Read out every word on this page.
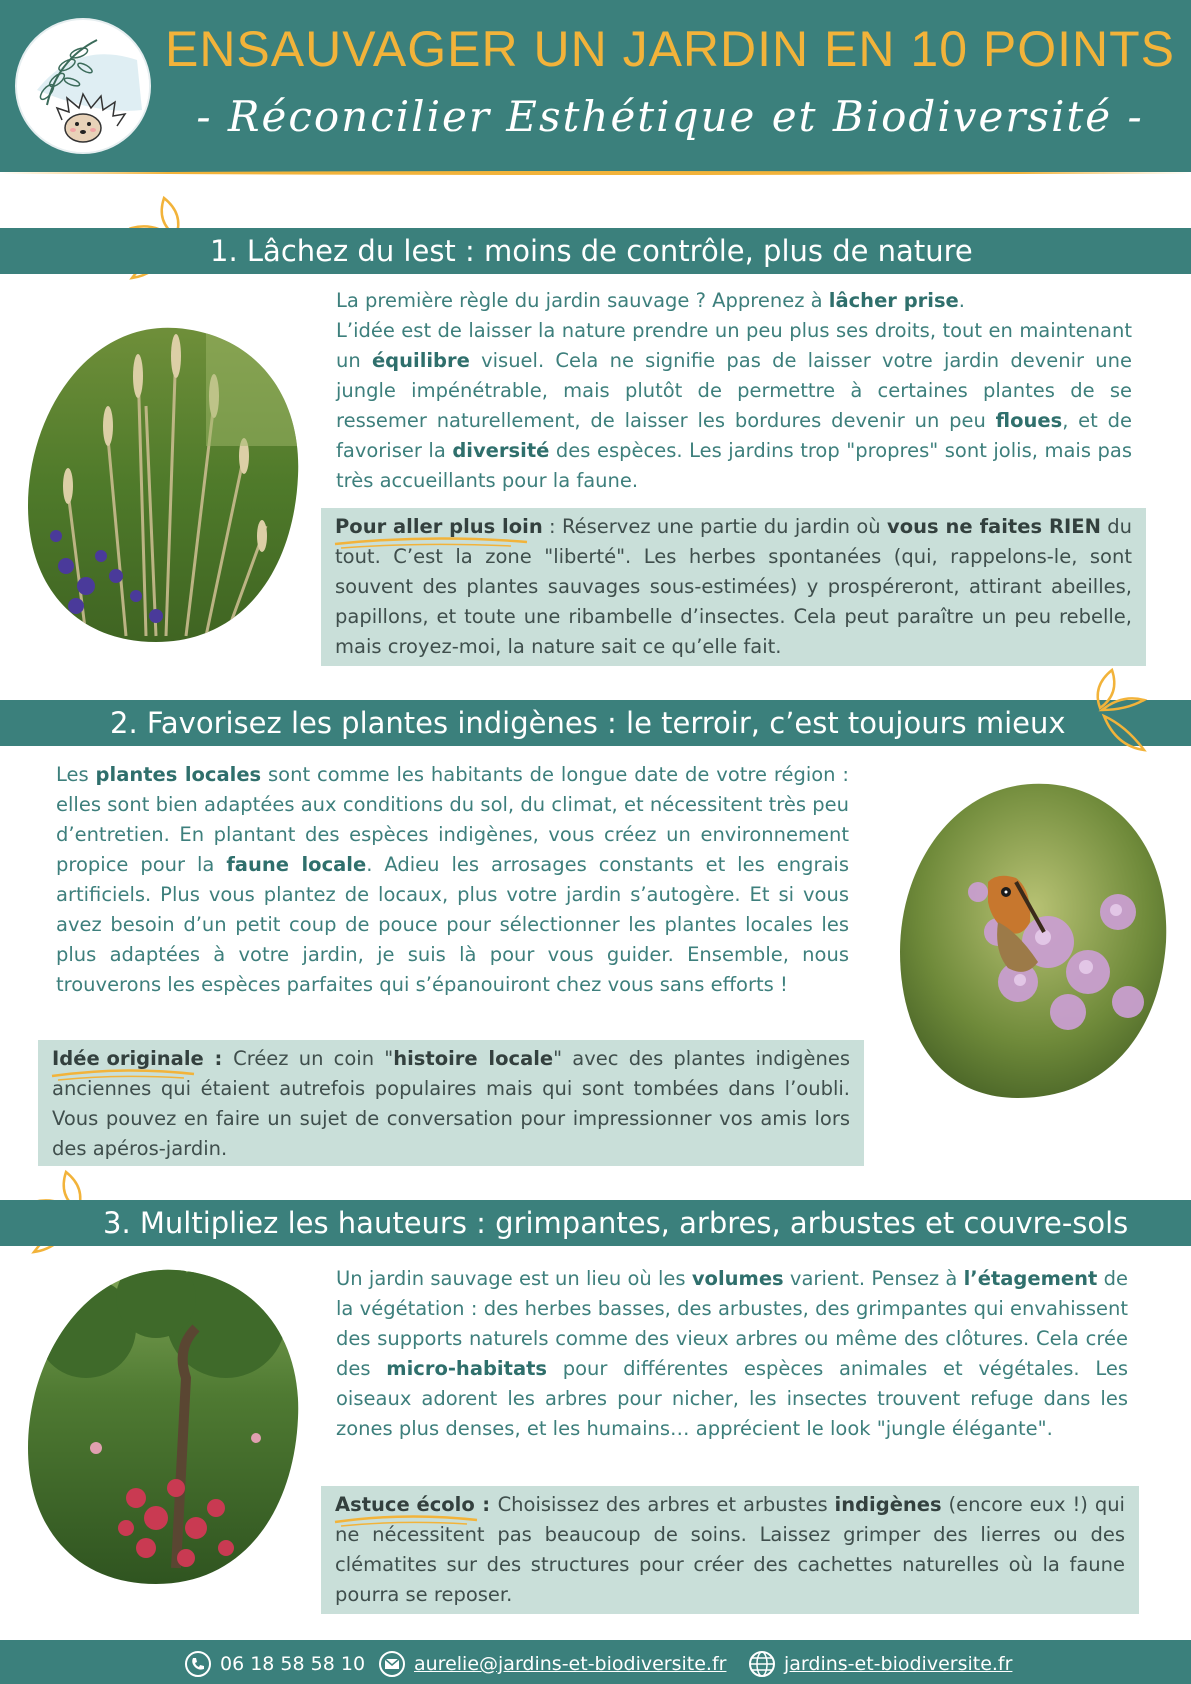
ENSAUVAGER UN JARDIN EN 10 POINTS
- Réconcilier Esthétique et Biodiversité -
1. Lâchez du lest : moins de contrôle, plus de nature
La première règle du jardin sauvage ? Apprenez à lâcher prise.
L’idée est de laisser la nature prendre un peu plus ses droits, tout en maintenant un équilibre visuel. Cela ne signifie pas de laisser votre jardin devenir une jungle impénétrable, mais plutôt de permettre à certaines plantes de se ressemer naturellement, de laisser les bordures devenir un peu floues, et de favoriser la diversité des espèces. Les jardins trop "propres" sont jolis, mais pas très accueillants pour la faune.
Pour aller plus loin
: Réservez une partie du jardin où vous ne faites RIEN du tout. C’est la zone "liberté". Les herbes spontanées (qui, rappelons-le, sont souvent des plantes sauvages sous-estimées) y prospéreront, attirant abeilles, papillons, et toute une ribambelle d’insectes. Cela peut paraître un peu rebelle, mais croyez-moi, la nature sait ce qu’elle fait.
2. Favorisez les plantes indigènes : le terroir, c’est toujours mieux
Les plantes locales sont comme les habitants de longue date de votre région : elles sont bien adaptées aux conditions du sol, du climat, et nécessitent très peu d’entretien. En plantant des espèces indigènes, vous créez un environnement propice pour la faune locale. Adieu les arrosages constants et les engrais artificiels. Plus vous plantez de locaux, plus votre jardin s’autogère. Et si vous avez besoin d’un petit coup de pouce pour sélectionner les plantes locales les plus adaptées à votre jardin, je suis là pour vous guider. Ensemble, nous trouverons les espèces parfaites qui s’épanouiront chez vous sans efforts !
Idée originale
: Créez un coin "histoire locale" avec des plantes indigènes anciennes qui étaient autrefois populaires mais qui sont tombées dans l’oubli. Vous pouvez en faire un sujet de conversation pour impressionner vos amis lors des apéros-jardin.
3. Multipliez les hauteurs : grimpantes, arbres, arbustes et couvre-sols
Un jardin sauvage est un lieu où les volumes varient. Pensez à l’étagement de la végétation : des herbes basses, des arbustes, des grimpantes qui envahissent des supports naturels comme des vieux arbres ou même des clôtures. Cela crée des micro-habitats pour différentes espèces animales et végétales. Les oiseaux adorent les arbres pour nicher, les insectes trouvent refuge dans les zones plus denses, et les humains… apprécient le look "jungle élégante".
Astuce écolo
: Choisissez des arbres et arbustes indigènes (encore eux !) qui ne nécessitent pas beaucoup de soins. Laissez grimper des lierres ou des clématites sur des structures pour créer des cachettes naturelles où la faune pourra se reposer.
06 18 58 58 10	aurelie@jardins-et-biodiversite.fr	jardins-et-biodiversite.fr
